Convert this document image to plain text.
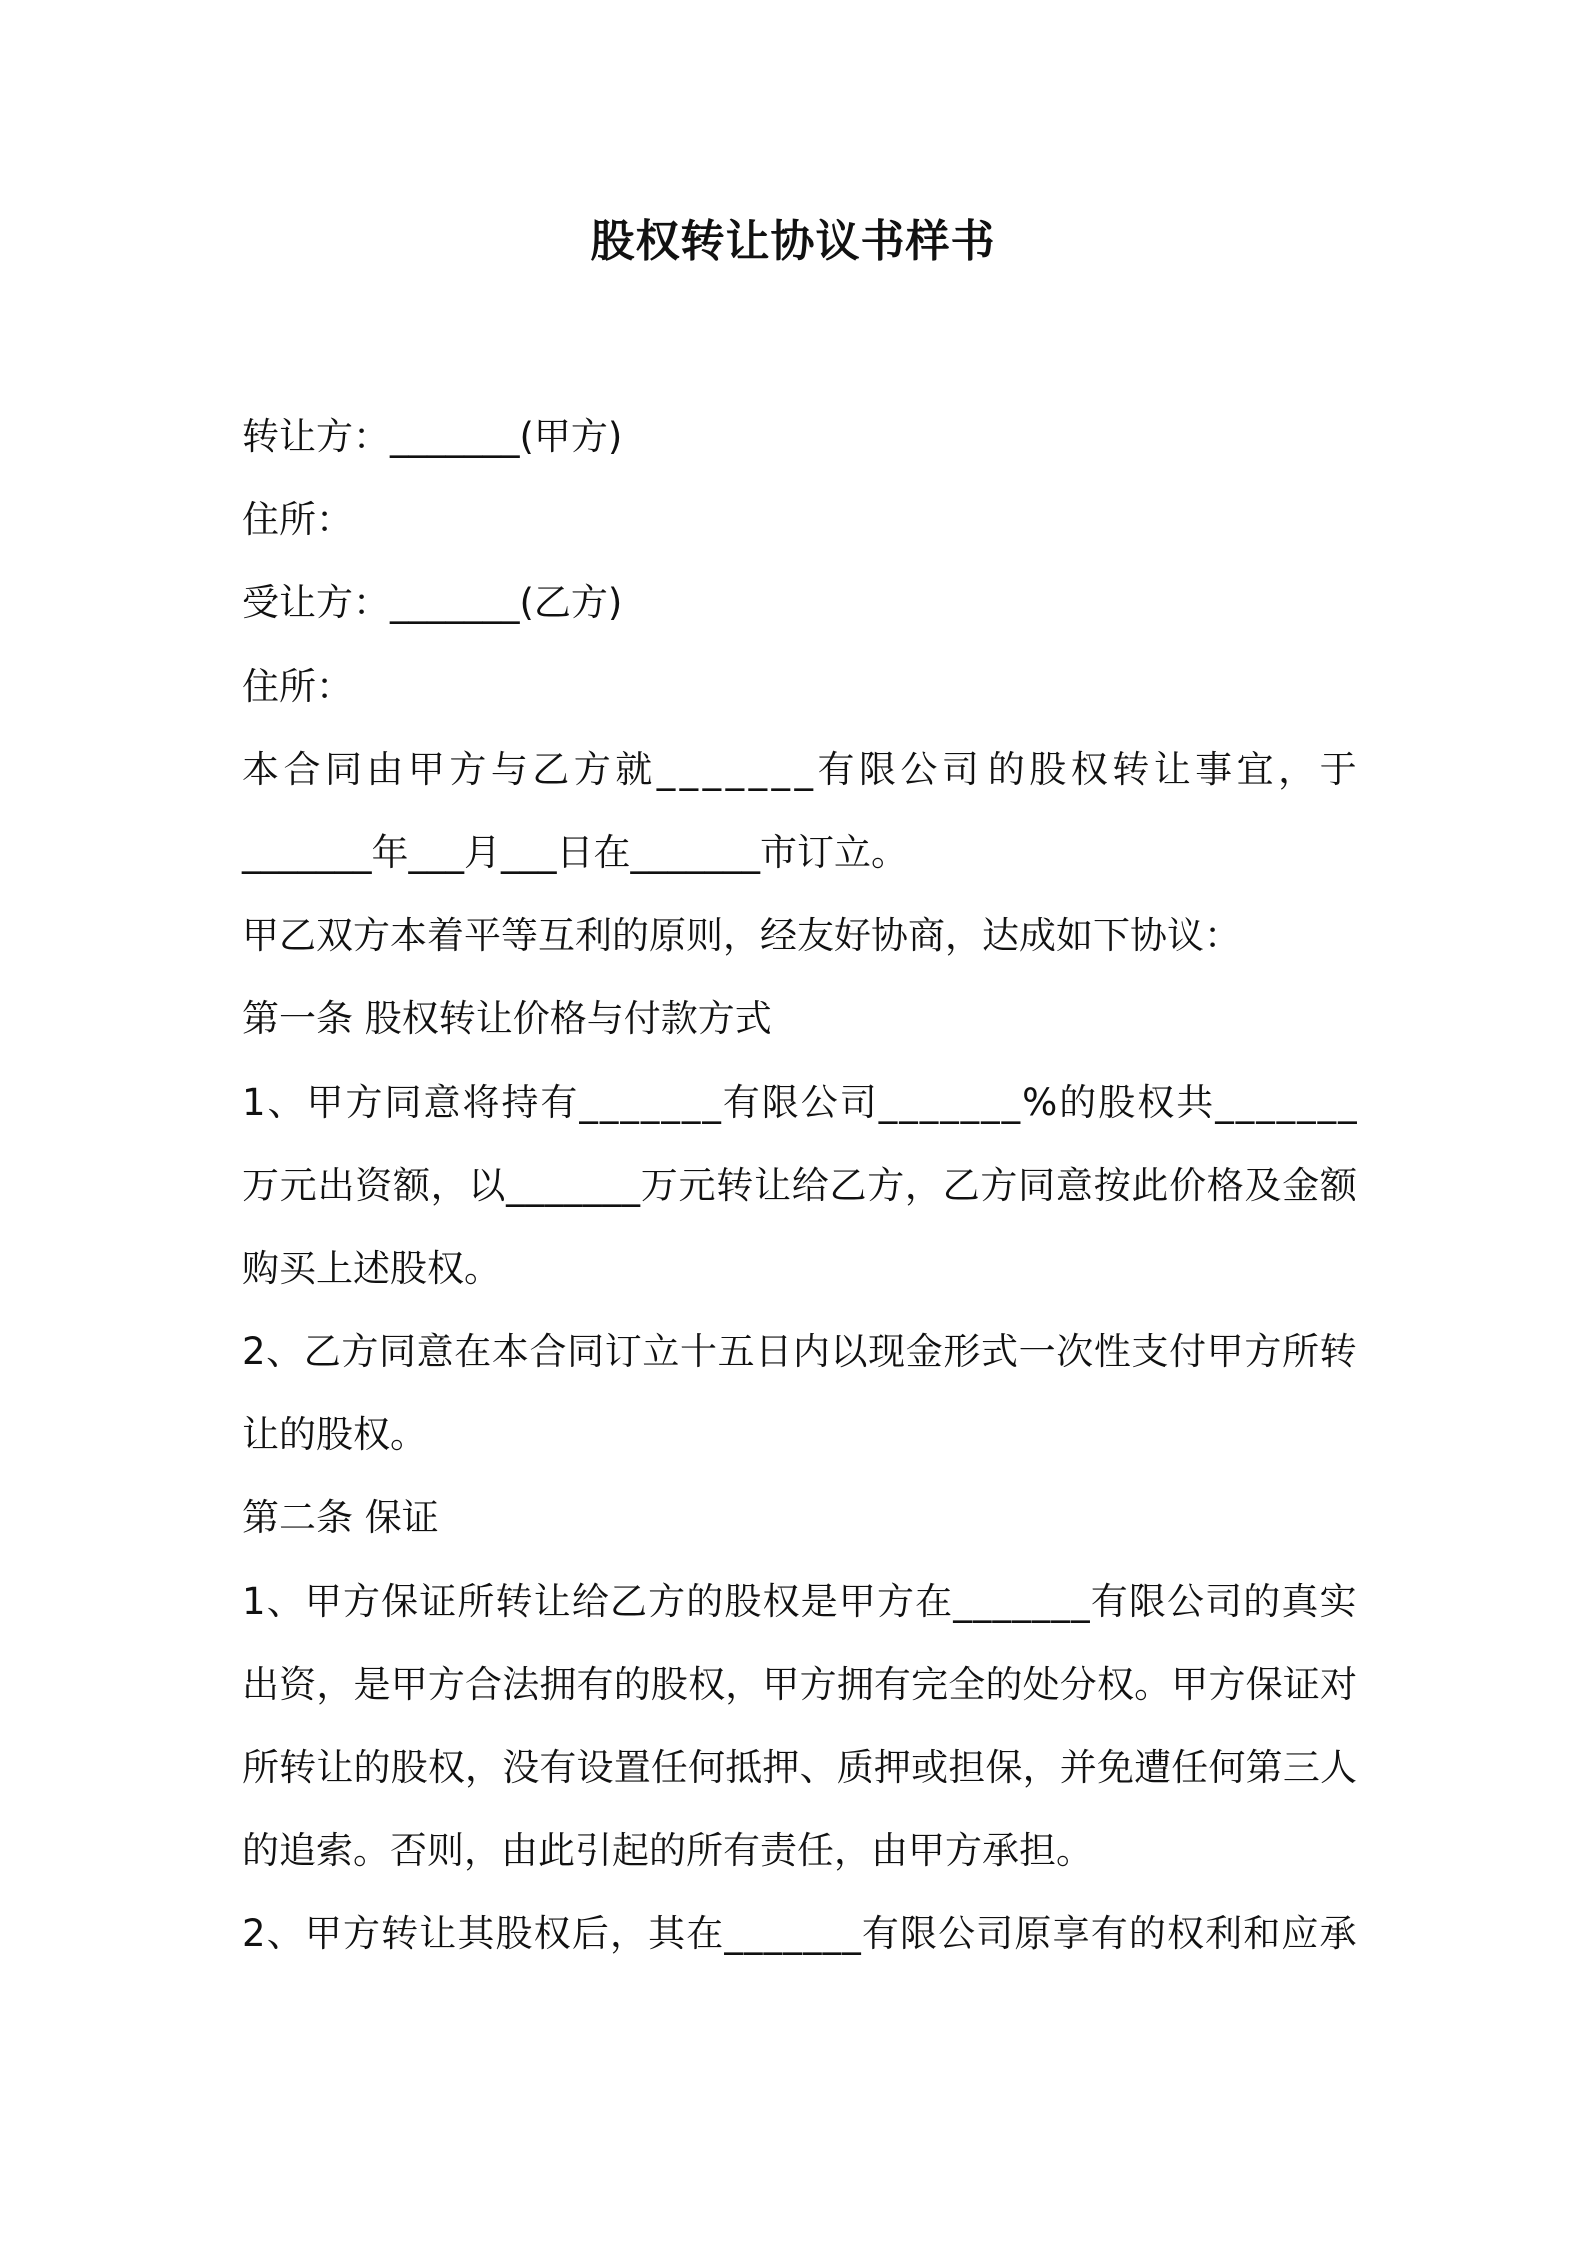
股权转让协议书样书
转让方：_______(甲方)
住所：
受让方：_______(乙方)
住所：
本 合 同 由 甲 方 与 乙 方 就 _ _ _ _ _ _ _ 有 限 公 司 的 股 权 转 让 事 宜 ， 于
_______年___月___日在_______市订立。
甲乙双方本着平等互利的原则，经友好协商，达成如下协议：
第一条 股权转让价格与付款方式
1 、 甲 方 同 意 将 持 有 _ _ _ _ _ _ _ 有 限 公 司 _ _ _ _ _ _ _ % 的 股 权 共 _ _ _ _ _ _ _
万 元 出 资 额 ， 以 _ _ _ _ _ _ _ 万 元 转 让 给 乙 方 ， 乙 方 同 意 按 此 价 格 及 金 额
购买上述股权。
2 、 乙 方 同 意 在 本 合 同 订 立 十 五 日 内 以 现 金 形 式 一 次 性 支 付 甲 方 所 转
让的股权。
第二条 保证
1 、 甲 方 保 证 所 转 让 给 乙 方 的 股 权 是 甲 方 在 _ _ _ _ _ _ _ 有 限 公 司 的 真 实
出 资 ， 是 甲 方 合 法 拥 有 的 股 权 ， 甲 方 拥 有 完 全 的 处 分 权 。 甲 方 保 证 对
所 转 让 的 股 权 ， 没 有 设 置 任 何 抵 押 、 质 押 或 担 保 ， 并 免 遭 任 何 第 三 人
的追索。否则，由此引起的所有责任，由甲方承担。
2 、 甲 方 转 让 其 股 权 后 ， 其 在 _ _ _ _ _ _ _ 有 限 公 司 原 享 有 的 权 利 和 应 承
